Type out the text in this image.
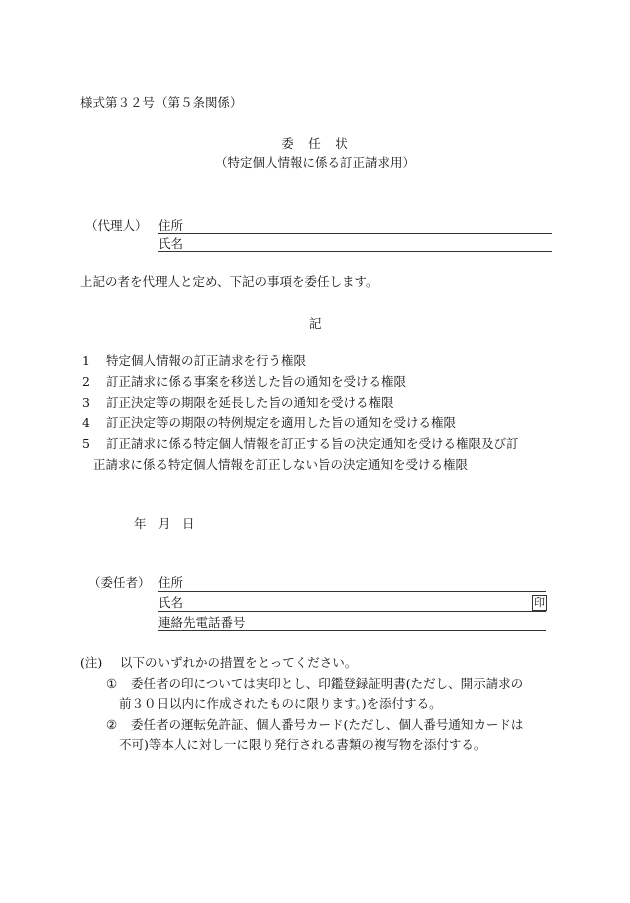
様式第３２号（第５条関係）
委　任　状
（特定個人情報に係る訂正請求用）
（代理人） 住所
氏名
上記の者を代理人と定め、下記の事項を委任します。
記
1 特定個人情報の訂正請求を行う権限
2 訂正請求に係る事案を移送した旨の通知を受ける権限
3 訂正決定等の期限を延長した旨の通知を受ける権限
4 訂正決定等の期限の特例規定を適用した旨の通知を受ける権限
5 訂正請求に係る特定個人情報を訂正する旨の決定通知を受ける権限及び訂
正請求に係る特定個人情報を訂正しない旨の決定通知を受ける権限
年 月 日
（委任者） 住所
氏名	印
連絡先電話番号
(注) 以下のいずれかの措置をとってください。
① 委任者の印については実印とし、印鑑登録証明書(ただし、開示請求の
前３０日以内に作成されたものに限ります。)を添付する。
② 委任者の運転免許証、個人番号カード(ただし、個人番号通知カードは
不可)等本人に対し一に限り発行される書類の複写物を添付する。
